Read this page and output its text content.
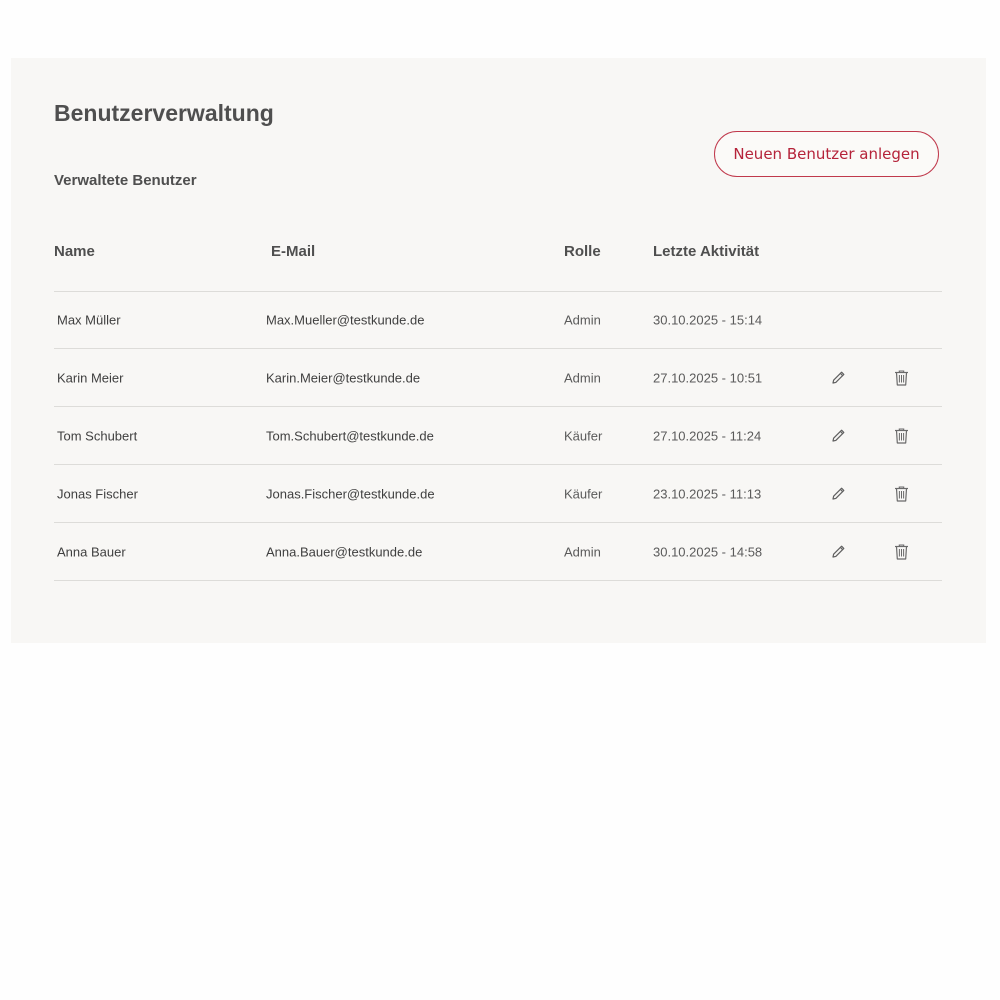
Benutzerverwaltung
Verwaltete Benutzer
Neuen Benutzer anlegen
Name	E-Mail	Rolle	Letzte Aktivität
Max Müller	Max.Mueller@testkunde.de	Admin	30.10.2025 - 15:14
Karin Meier	Karin.Meier@testkunde.de	Admin	27.10.2025 - 10:51
Tom Schubert	Tom.Schubert@testkunde.de	Käufer	27.10.2025 - 11:24
Jonas Fischer	Jonas.Fischer@testkunde.de	Käufer	23.10.2025 - 11:13
Anna Bauer	Anna.Bauer@testkunde.de	Admin	30.10.2025 - 14:58
